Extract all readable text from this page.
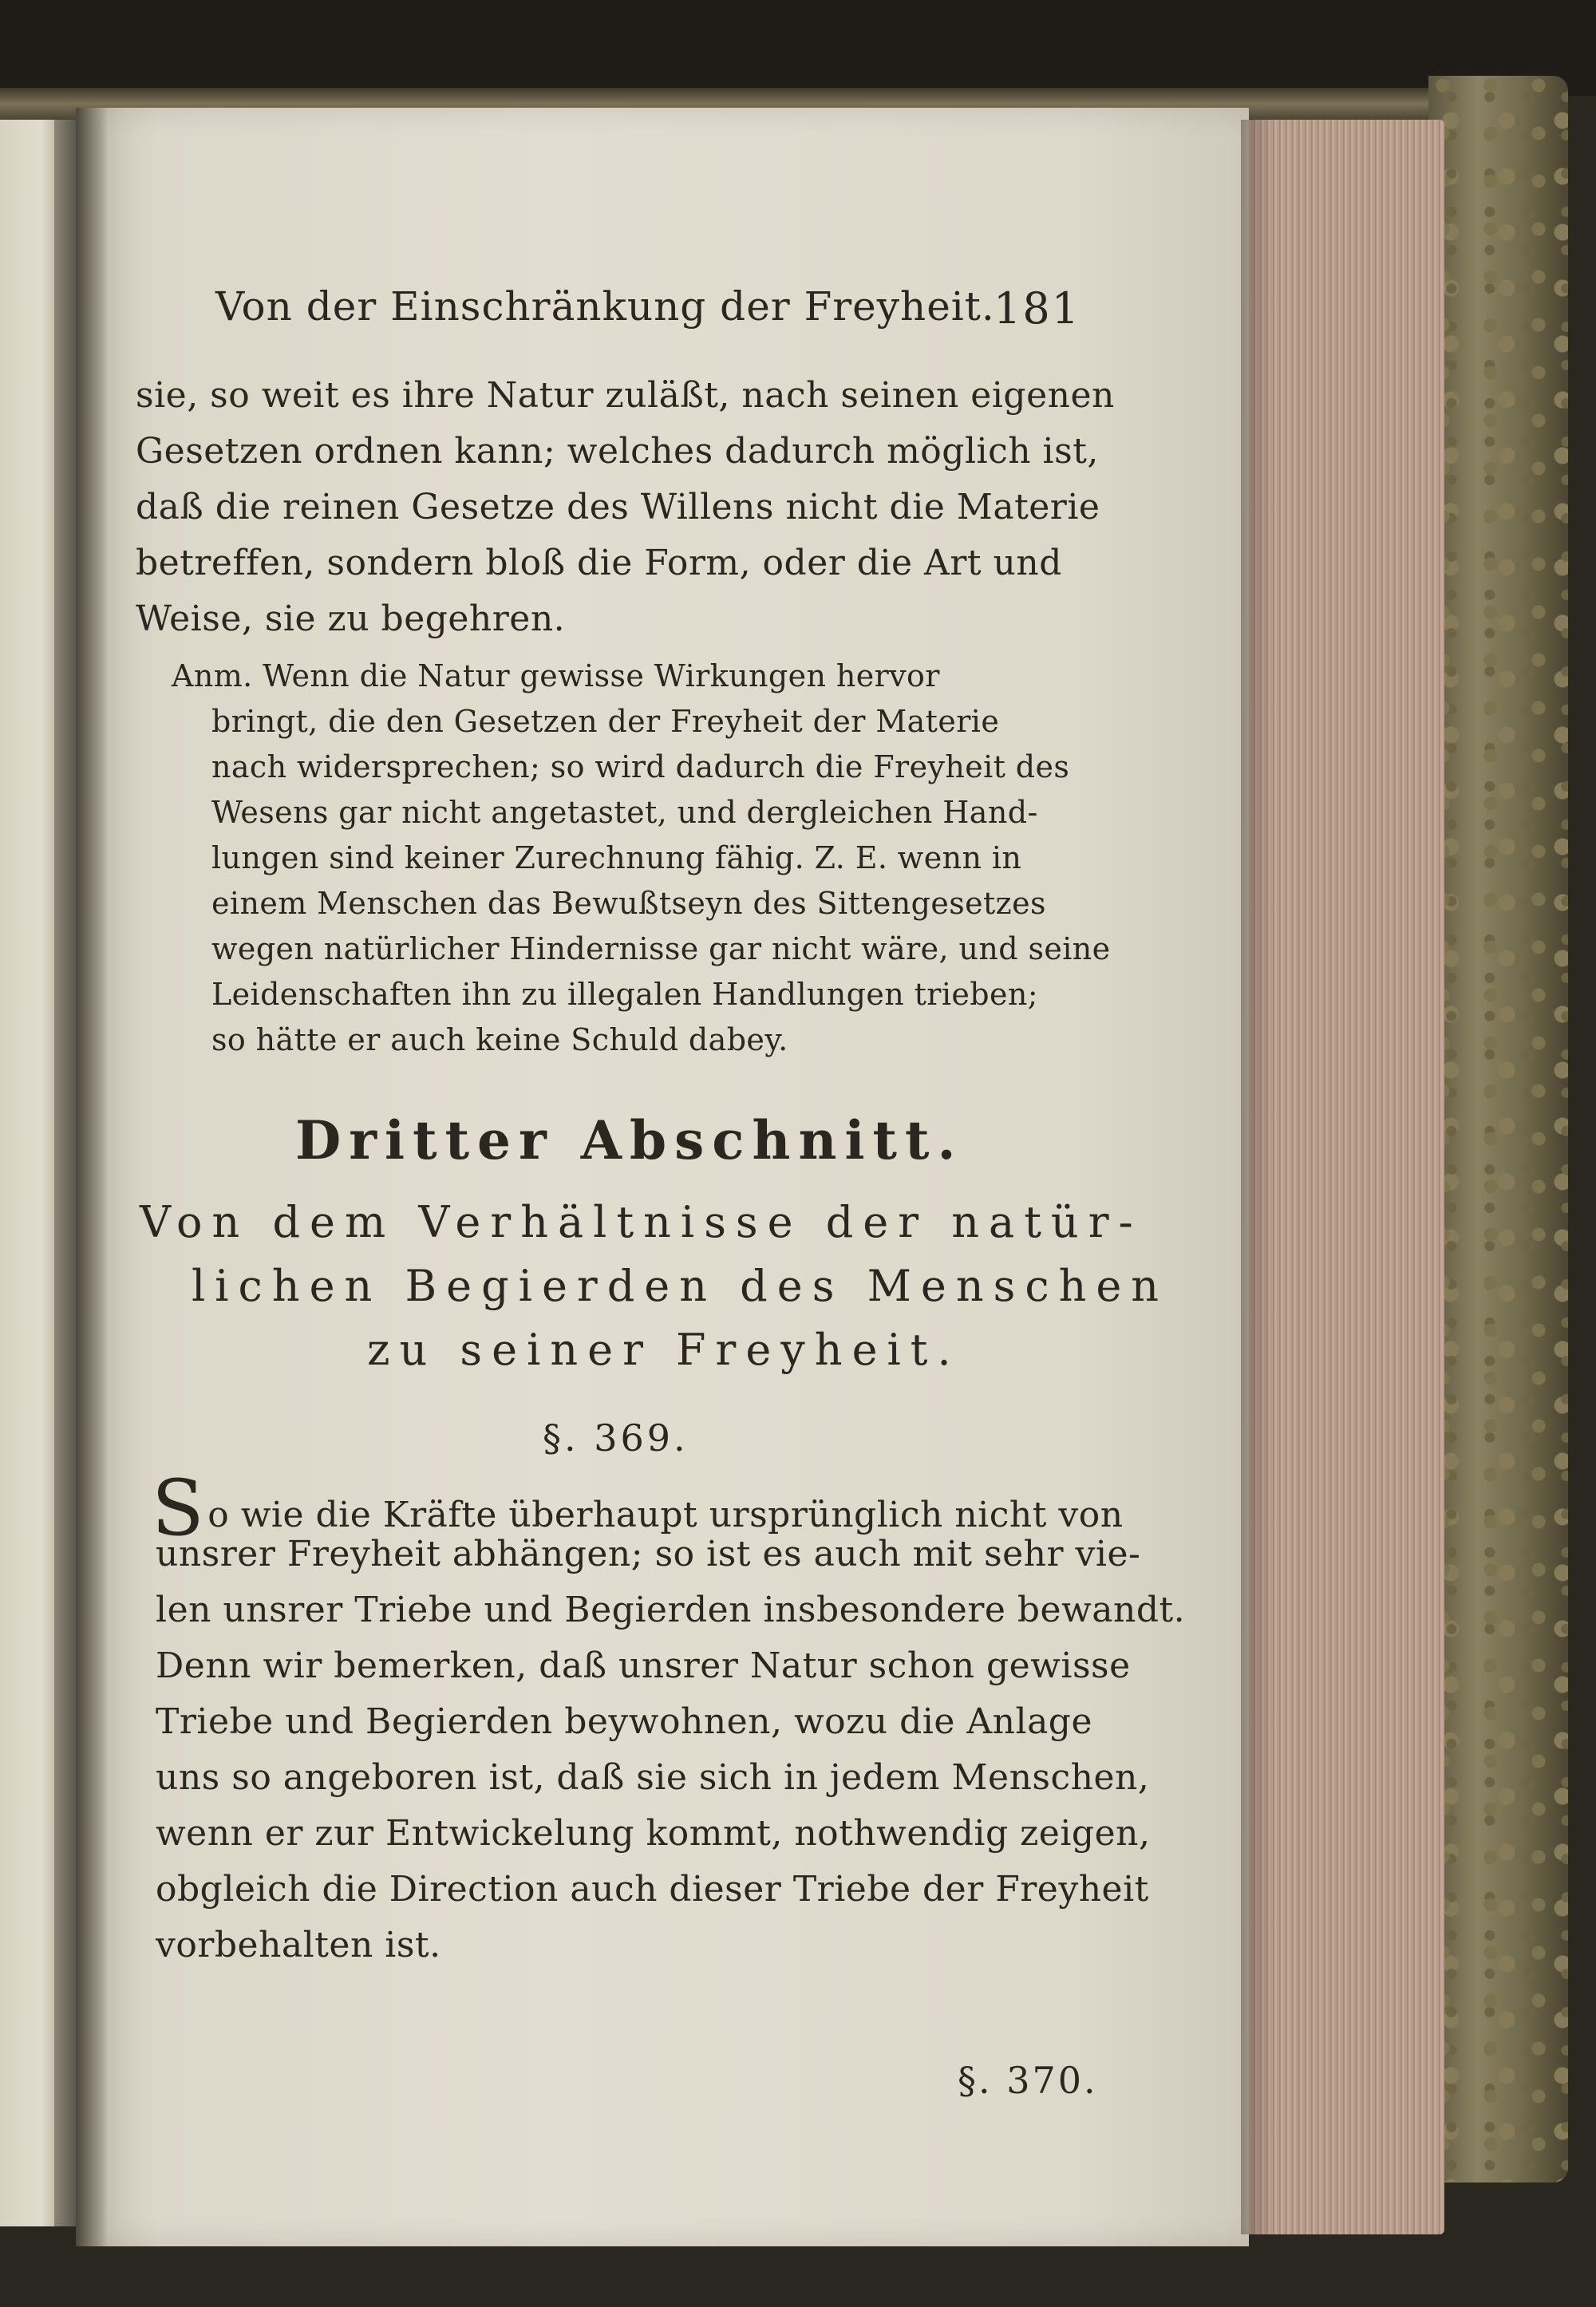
Von der Einschränkung der Freyheit.

181

sie, so weit es ihre Natur zuläßt, nach seinen eigenen

Gesetzen ordnen kann; welches dadurch möglich ist,

daß die reinen Gesetze des Willens nicht die Materie

betreffen, sondern bloß die Form, oder die Art und

Weise, sie zu begehren.

Anm. Wenn die Natur gewisse Wirkungen hervor

bringt, die den Gesetzen der Freyheit der Materie

nach widersprechen; so wird dadurch die Freyheit des

Wesens gar nicht angetastet, und dergleichen Hand-

lungen sind keiner Zurechnung fähig. Z. E. wenn in

einem Menschen das Bewußtseyn des Sittengesetzes

wegen natürlicher Hindernisse gar nicht wäre, und seine

Leidenschaften ihn zu illegalen Handlungen trieben;

so hätte er auch keine Schuld dabey.

Dritter Abschnitt.

Von dem Verhältnisse der natür-

lichen Begierden des Menschen

zu seiner Freyheit.

§. 369.

So wie die Kräfte überhaupt ursprünglich nicht von

unsrer Freyheit abhängen; so ist es auch mit sehr vie-

len unsrer Triebe und Begierden insbesondere bewandt.

Denn wir bemerken, daß unsrer Natur schon gewisse

Triebe und Begierden beywohnen, wozu die Anlage

uns so angeboren ist, daß sie sich in jedem Menschen,

wenn er zur Entwickelung kommt, nothwendig zeigen,

obgleich die Direction auch dieser Triebe der Freyheit

vorbehalten ist.

§. 370.
